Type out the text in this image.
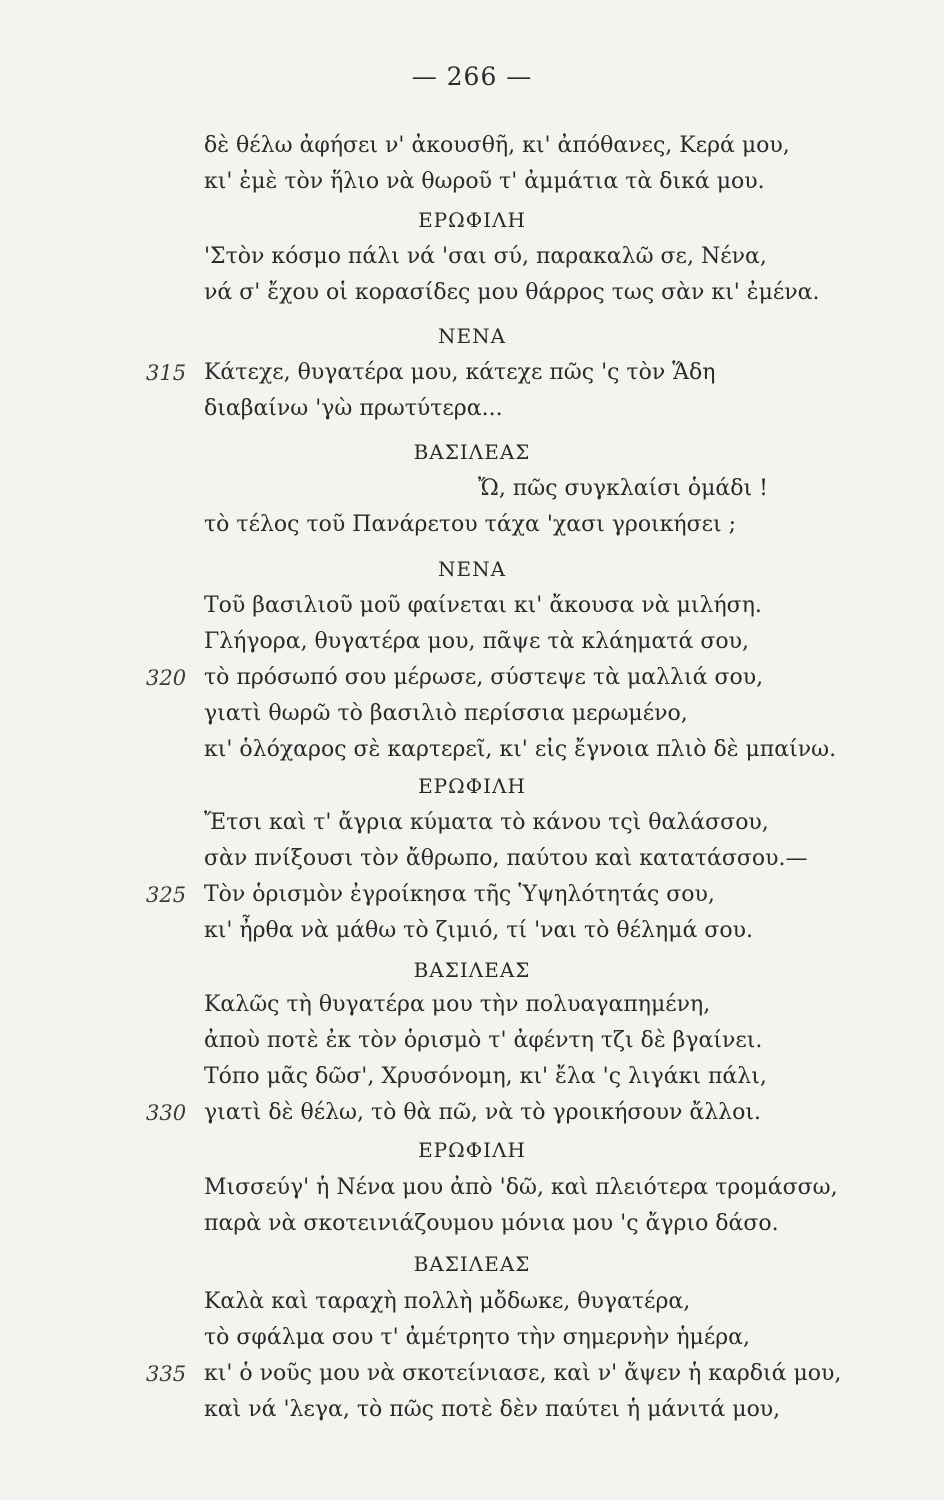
— 266 —
δὲ θέλω ἀφήσει ν' ἀκουσθῆ, κι' ἀπόθανες, Κερά μου,
κι' ἐμὲ τὸν ἥλιο νὰ θωροῦ τ' ἀμμάτια τὰ δικά μου.
ΕΡΩΦΙΛΗ
'Στὸν κόσμο πάλι νά 'σαι σύ, παρακαλῶ σε, Νένα,
νά σ' ἔχου οἱ κορασίδες μου θάρρος τως σὰν κι' ἐμένα.
ΝΕΝΑ
315 Κάτεχε, θυγατέρα μου, κάτεχε πῶς 'ς τὸν Ἅδη
διαβαίνω 'γὼ πρωτύτερα...
ΒΑΣΙΛΕΑΣ
Ὤ, πῶς συγκλαίσι ὁμάδι !
τὸ τέλος τοῦ Πανάρετου τάχα 'χασι γροικήσει ;
ΝΕΝΑ
Τοῦ βασιλιοῦ μοῦ φαίνεται κι' ἄκουσα νὰ μιλήση.
Γλήγορα, θυγατέρα μου, πᾶψε τὰ κλάηματά σου,
320 τὸ πρόσωπό σου μέρωσε, σύστεψε τὰ μαλλιά σου,
γιατὶ θωρῶ τὸ βασιλιὸ περίσσια μερωμένο,
κι' ὁλόχαρος σὲ καρτερεῖ, κι' εἰς ἔγνοια πλιὸ δὲ μπαίνω.
ΕΡΩΦΙΛΗ
Ἔτσι καὶ τ' ἄγρια κύματα τὸ κάνου τςὶ θαλάσσου,
σὰν πνίξουσι τὸν ἄθρωπο, παύτου καὶ κατατάσσου.—
325 Τὸν ὁρισμὸν ἐγροίκησα τῆς Ὑψηλότητάς σου,
κι' ἦρθα νὰ μάθω τὸ ζιμιό, τί 'ναι τὸ θέλημά σου.
ΒΑΣΙΛΕΑΣ
Καλῶς τὴ θυγατέρα μου τὴν πολυαγαπημένη,
ἀποὺ ποτὲ ἐκ τὸν ὁρισμὸ τ' ἀφέντη τζι δὲ βγαίνει.
Τόπο μᾶς δῶσ', Χρυσόνομη, κι' ἔλα 'ς λιγάκι πάλι,
330 γιατὶ δὲ θέλω, τὸ θὰ πῶ, νὰ τὸ γροικήσουν ἄλλοι.
ΕΡΩΦΙΛΗ
Μισσεύγ' ἡ Νένα μου ἀπὸ 'δῶ, καὶ πλειότερα τρομάσσω,
παρὰ νὰ σκοτεινιάζουμου μόνια μου 'ς ἄγριο δάσο.
ΒΑΣΙΛΕΑΣ
Καλὰ καὶ ταραχὴ πολλὴ μὄδωκε, θυγατέρα,
τὸ σφάλμα σου τ' ἀμέτρητο τὴν σημερνὴν ἡμέρα,
335 κι' ὁ νοῦς μου νὰ σκοτείνιασε, καὶ ν' ἄψεν ἡ καρδιά μου,
καὶ νά 'λεγα, τὸ πῶς ποτὲ δὲν παύτει ἡ μάνιτά μου,
